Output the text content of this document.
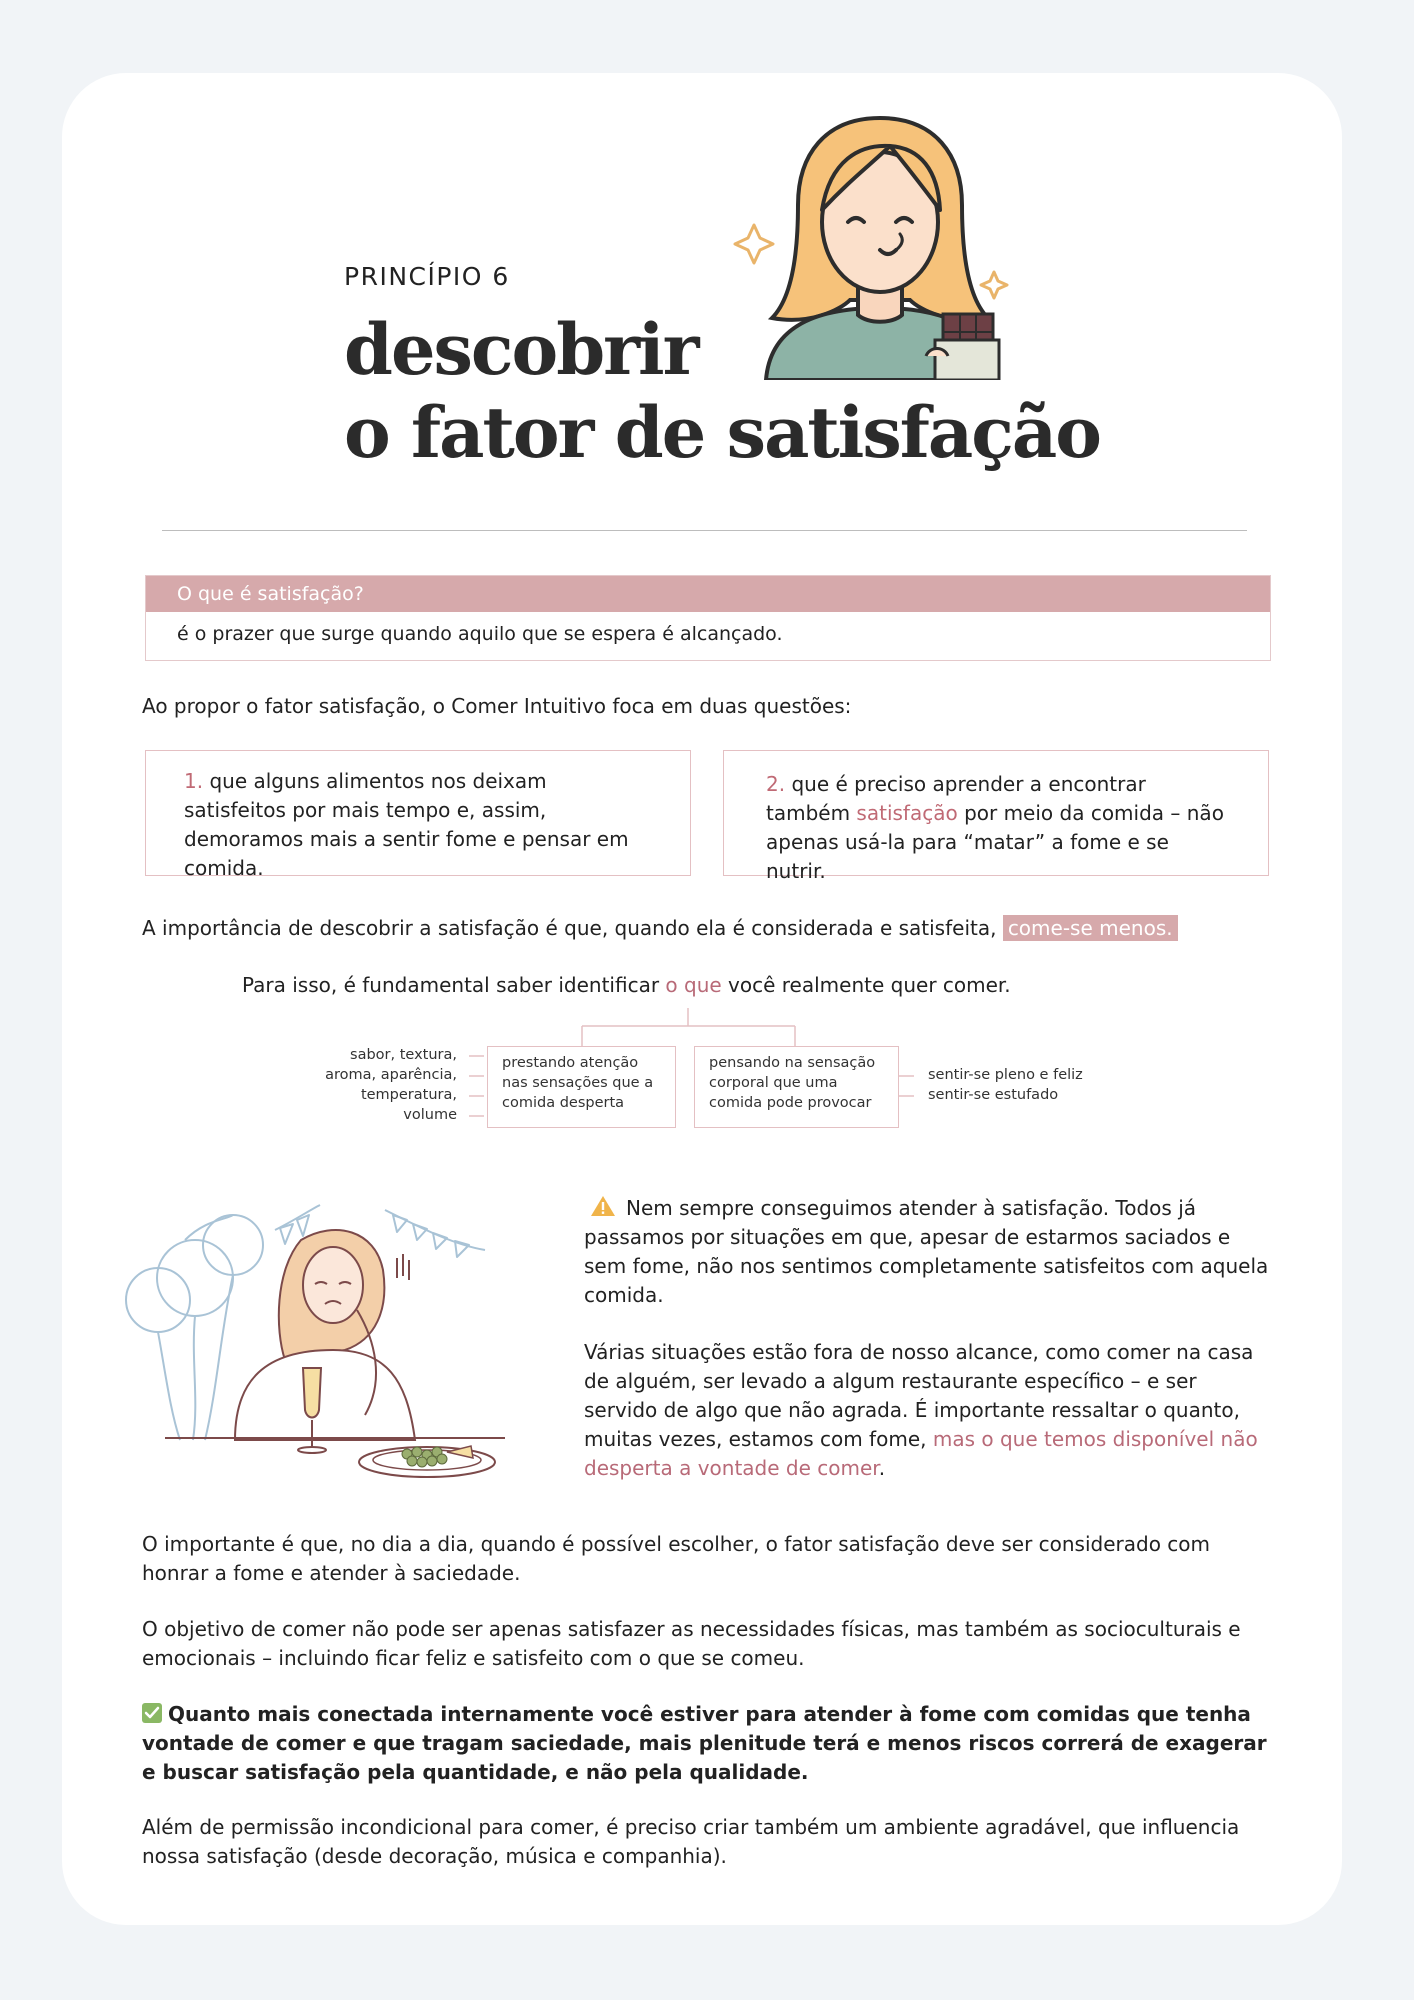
PRINCÍPIO 6
descobrir
o fator de satisfação
O que é satisfação?
é o prazer que surge quando aquilo que se espera é alcançado.
Ao propor o fator satisfação, o Comer Intuitivo foca em duas questões:
1. que alguns alimentos nos deixam satisfeitos por mais tempo e, assim, demoramos mais a sentir fome e pensar em comida.
2. que é preciso aprender a encontrar também satisfação por meio da comida – não apenas usá-la para “matar” a fome e se nutrir.
A importância de descobrir a satisfação é que, quando ela é considerada e satisfeita, come-se menos.
Para isso, é fundamental saber identificar o que você realmente quer comer.
sabor, textura,
aroma, aparência,
temperatura,
volume
prestando atenção nas sensações que a comida desperta
pensando na sensação corporal que uma comida pode provocar
sentir-se pleno e feliz
sentir-se estufado
Nem sempre conseguimos atender à satisfação. Todos já passamos por situações em que, apesar de estarmos saciados e sem fome, não nos sentimos completamente satisfeitos com aquela comida.
Várias situações estão fora de nosso alcance, como comer na casa de alguém, ser levado a algum restaurante específico – e ser servido de algo que não agrada. É importante ressaltar o quanto, muitas vezes, estamos com fome, mas o que temos disponível não desperta a vontade de comer.
O importante é que, no dia a dia, quando é possível escolher, o fator satisfação deve ser considerado com honrar a fome e atender à saciedade.
O objetivo de comer não pode ser apenas satisfazer as necessidades físicas, mas também as socioculturais e emocionais – incluindo ficar feliz e satisfeito com o que se comeu.
Quanto mais conectada internamente você estiver para atender à fome com comidas que tenha vontade de comer e que tragam saciedade, mais plenitude terá e menos riscos correrá de exagerar e buscar satisfação pela quantidade, e não pela qualidade.
Além de permissão incondicional para comer, é preciso criar também um ambiente agradável, que influencia nossa satisfação (desde decoração, música e companhia).
